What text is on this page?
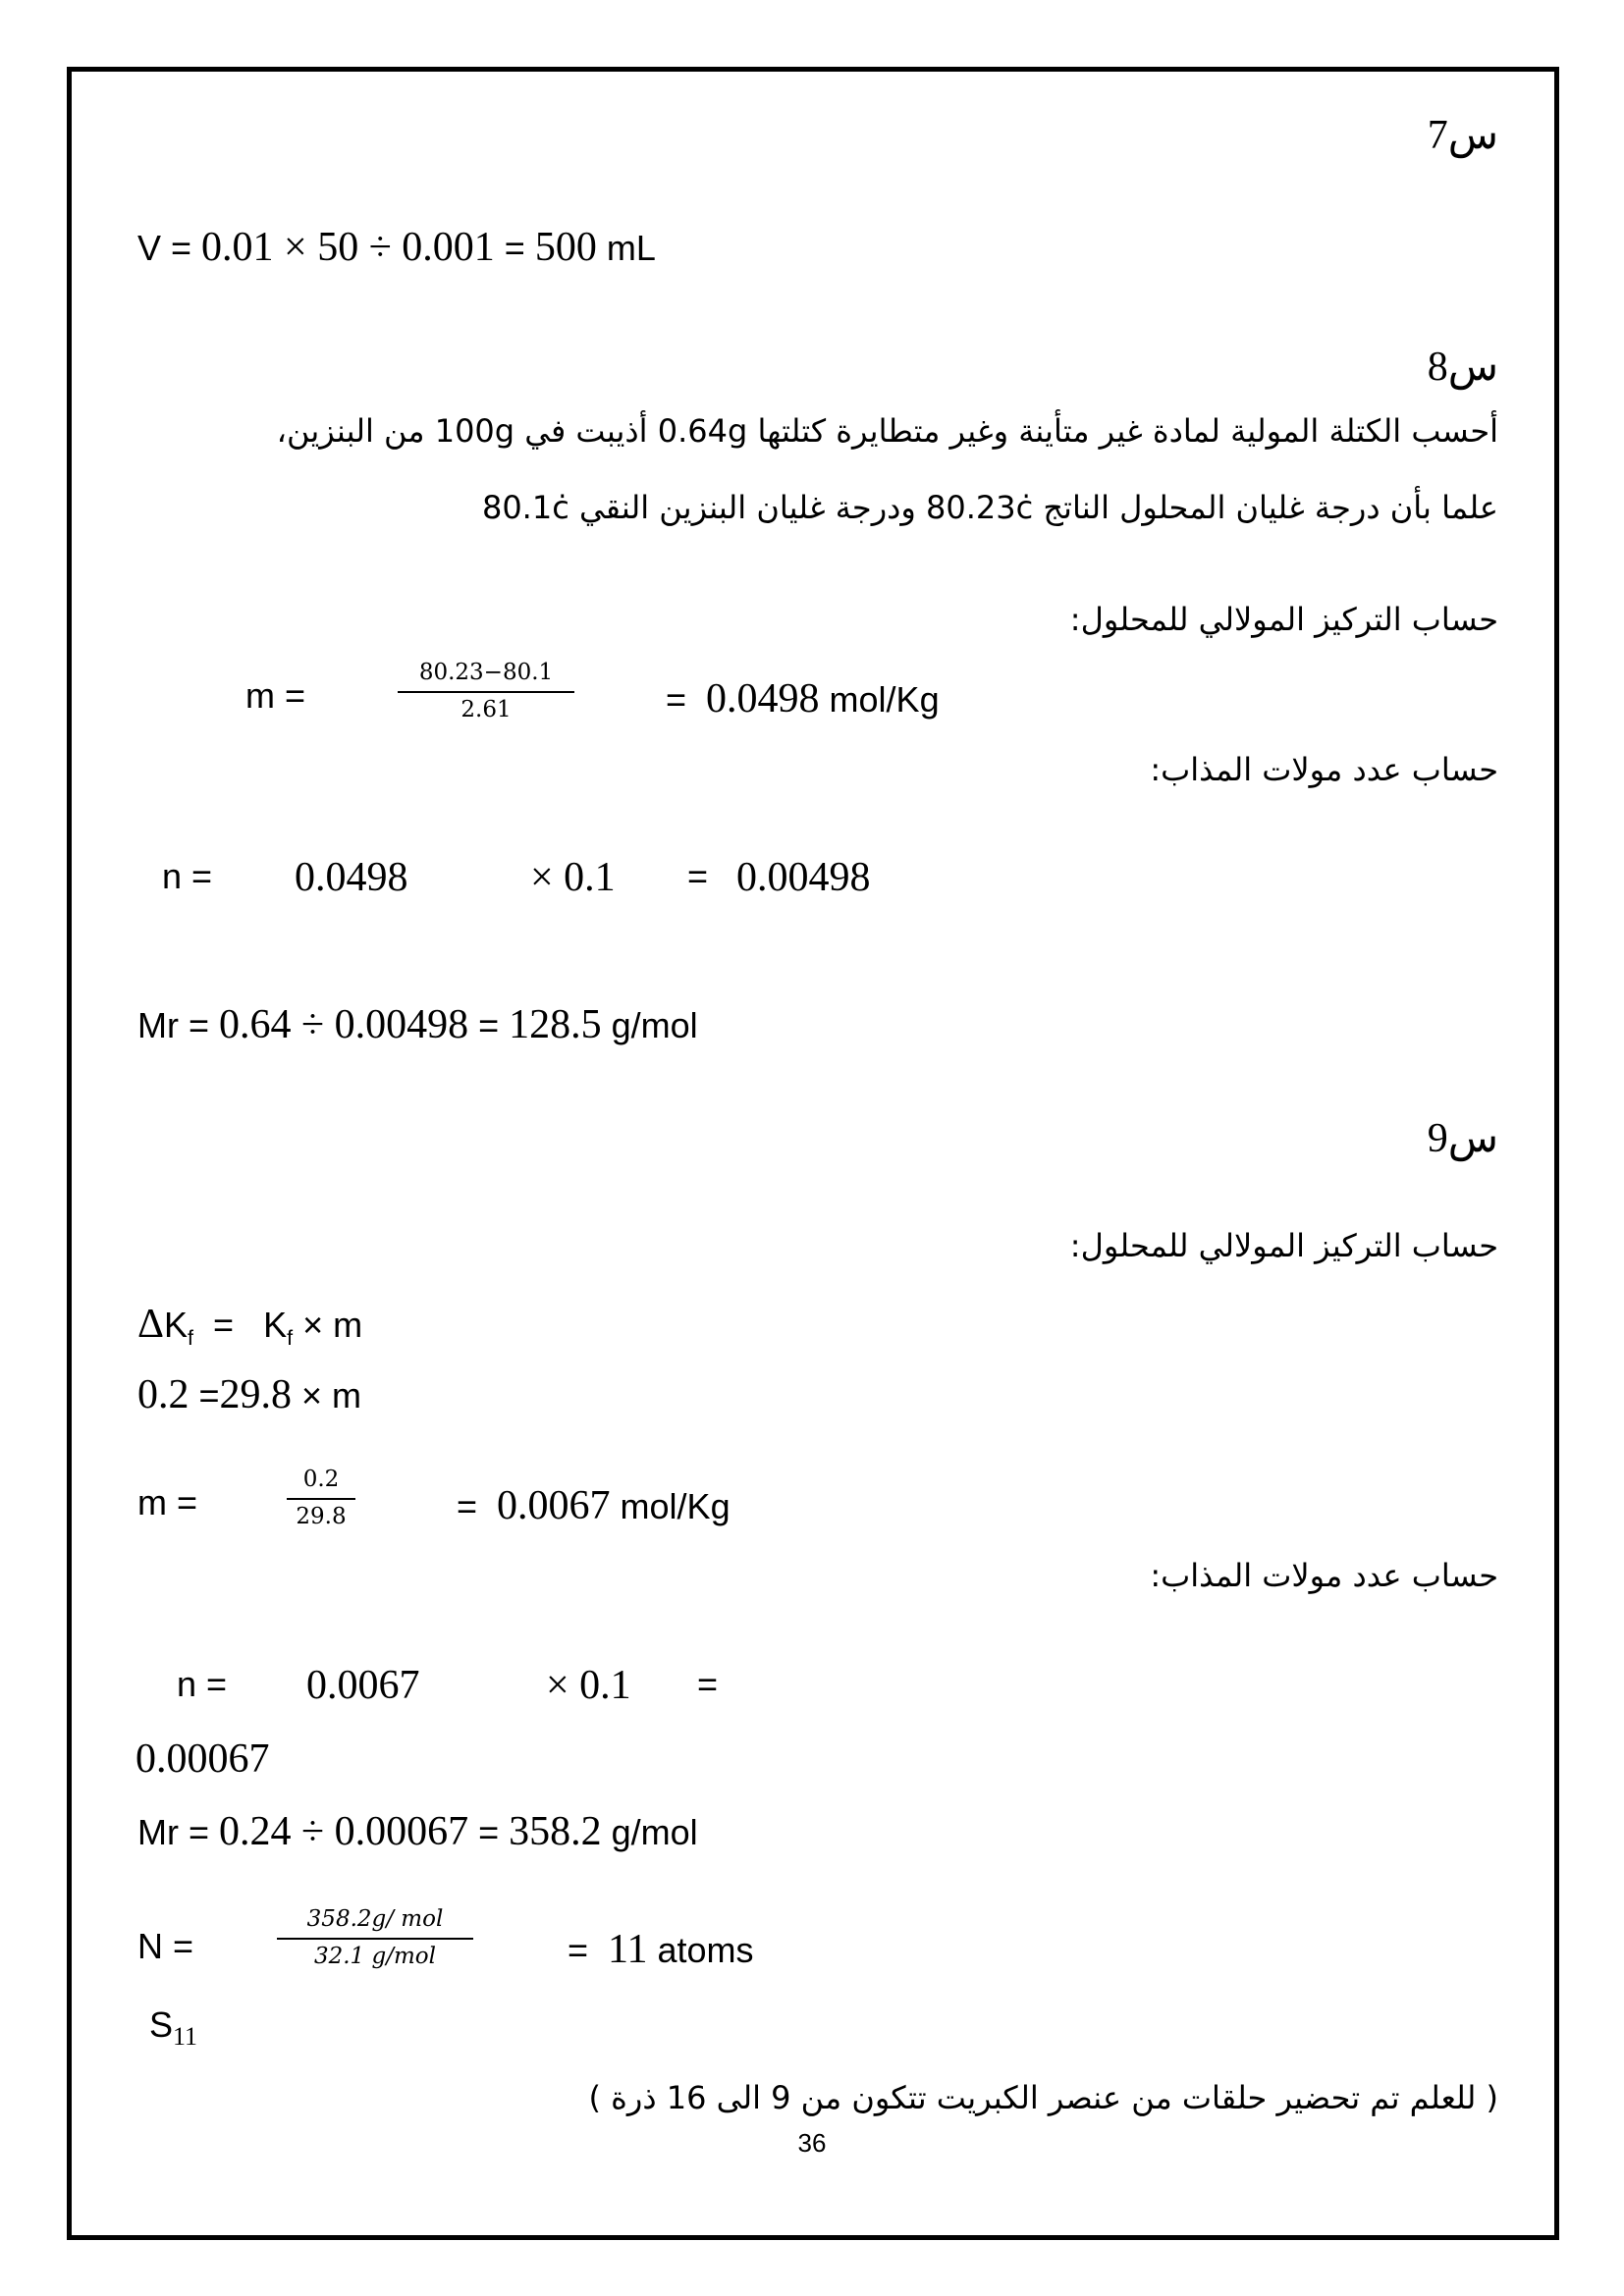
س7
V = 0.01 × 50 ÷ 0.001 = 500 mL
س8
أحسب الكتلة المولية لمادة غير متأينة وغير متطايرة كتلتها 0.64g أذيبت في 100g من البنزين،
علما بأن درجة غليان المحلول الناتج 80.23ċ ودرجة غليان البنزين النقي 80.1ċ
حساب التركيز المولالي للمحلول:
m =
80.23−80.1
2.61	= 0.0498 mol/Kg
حساب عدد مولات المذاب:
n = 0.0498	× 0.1 = 0.00498
Mr = 0.64 ÷ 0.00498 = 128.5 g/mol
س9
حساب التركيز المولالي للمحلول:
$\Delta K_f = K_f \times m$
0.2 =29.8 × m
m =
0.2
29.8	= 0.0067 mol/Kg
حساب عدد مولات المذاب:
n = 0.0067	× 0.1 =
0.00067
Mr = 0.24 ÷ 0.00067 = 358.2 g/mol
N =
358.2g/ mol
32.1 g/mol	= 11 atoms
$S_{11}$
( للعلم تم تحضير حلقات من عنصر الكبريت تتكون من 9 الى 16 ذرة )
36
